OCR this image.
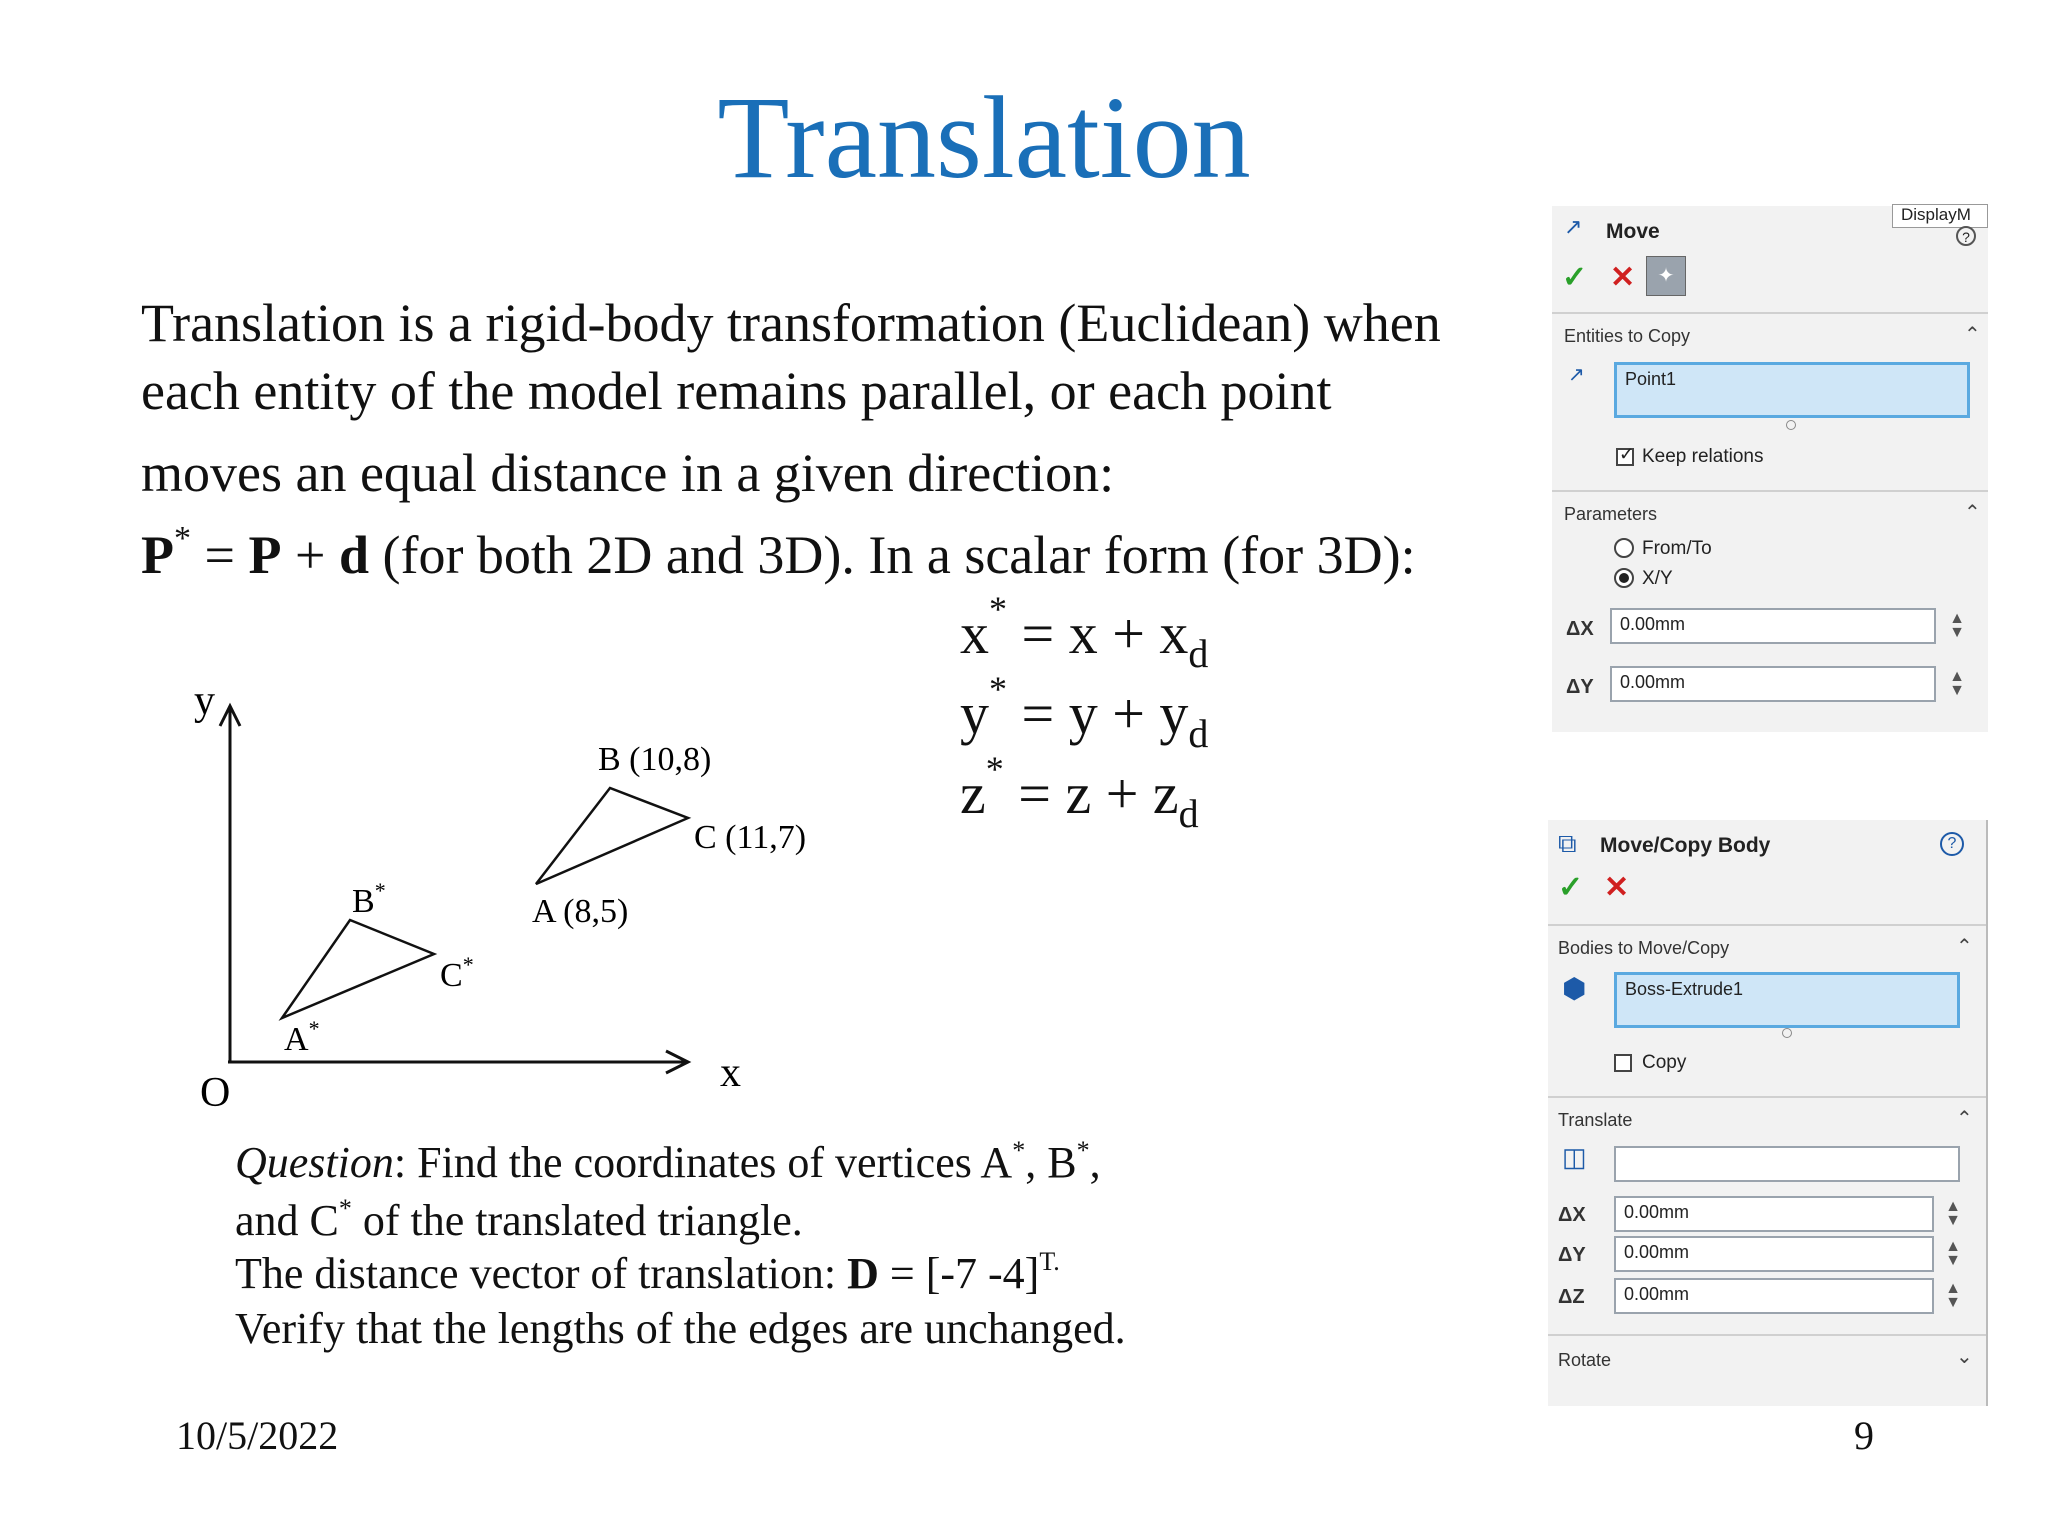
Translation
Translation is a rigid-body transformation (Euclidean) when
each entity of the model remains parallel, or each point
moves an equal distance in a given direction:
P* = P + d (for both 2D and 3D). In a scalar form (for 3D):
$x^* = x + x_d$
$y^* = y + y_d$
$z^* = z + z_d$
y
x
O
B (10,8)
C (11,7)
A (8,5)
B*
C*
A*
Question: Find the coordinates of vertices A*, B*,
and C* of the translated triangle.
The distance vector of translation: D = [-7 -4]$^{T.}$
Verify that the lengths of the edges are unchanged.
10/5/2022	9
DisplayM
?
↗ Move
✓ ✕	✦
Entities to Copy	⌃
↗	Point1
✓ Keep relations
Parameters	⌃
From/To
X/Y
ΔX	0.00mm	▲
▼
ΔY	0.00mm	▲
▼
⧉ Move/Copy Body	?
✓ ✕
Bodies to Move/Copy	⌃
⬢	Boss-Extrude1
Copy
Translate	⌃
◫
ΔX	0.00mm	▲
▼
ΔY	0.00mm	▲
▼
ΔZ	0.00mm	▲
▼
Rotate	⌄
